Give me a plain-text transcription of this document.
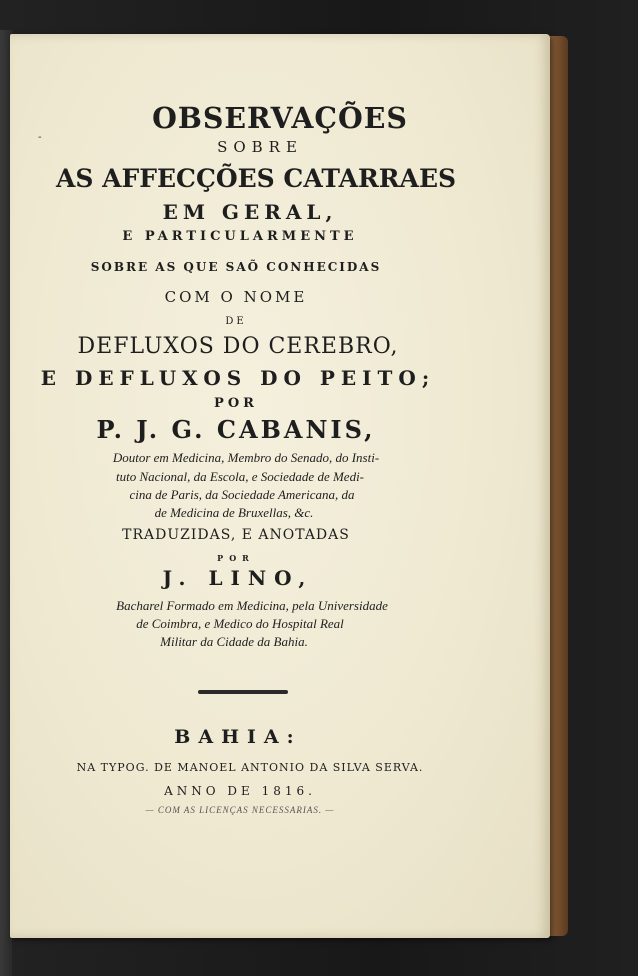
-
OBSERVAÇÕES
SOBRE
AS AFFECÇÕES CATARRAES
EM GERAL,
E PARTICULARMENTE
SOBRE AS QUE SAÕ CONHECIDAS
COM O NOME
DE
DEFLUXOS DO CEREBRO,
E DEFLUXOS DO PEITO;
POR
P. J. G. CABANIS,
Doutor em Medicina, Membro do Senado, do Insti-
tuto Nacional, da Escola, e Sociedade de Medi-
cina de Paris, da Sociedade Americana, da
de Medicina de Bruxellas, &c.
TRADUZIDAS, E ANOTADAS
POR
J. LINO,
Bacharel Formado em Medicina, pela Universidade
de Coimbra, e Medico do Hospital Real
Militar da Cidade da Bahia.
BAHIA:
NA TYPOG. DE MANOEL ANTONIO DA SILVA SERVA.
ANNO DE 1816.
— COM AS LICENÇAS NECESSARIAS. —
